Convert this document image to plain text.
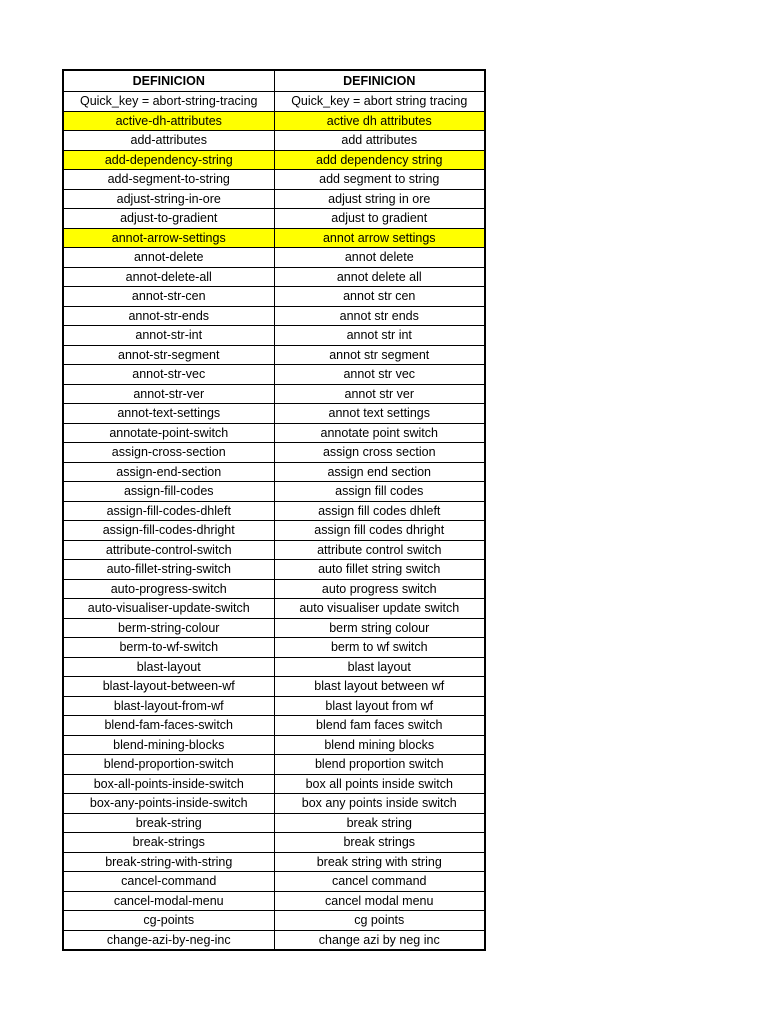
DEFINICION	DEFINICION
Quick_key = abort-string-tracing	Quick_key = abort string tracing
active-dh-attributes	active dh attributes
add-attributes	add attributes
add-dependency-string	add dependency string
add-segment-to-string	add segment to string
adjust-string-in-ore	adjust string in ore
adjust-to-gradient	adjust to gradient
annot-arrow-settings	annot arrow settings
annot-delete	annot delete
annot-delete-all	annot delete all
annot-str-cen	annot str cen
annot-str-ends	annot str ends
annot-str-int	annot str int
annot-str-segment	annot str segment
annot-str-vec	annot str vec
annot-str-ver	annot str ver
annot-text-settings	annot text settings
annotate-point-switch	annotate point switch
assign-cross-section	assign cross section
assign-end-section	assign end section
assign-fill-codes	assign fill codes
assign-fill-codes-dhleft	assign fill codes dhleft
assign-fill-codes-dhright	assign fill codes dhright
attribute-control-switch	attribute control switch
auto-fillet-string-switch	auto fillet string switch
auto-progress-switch	auto progress switch
auto-visualiser-update-switch	auto visualiser update switch
berm-string-colour	berm string colour
berm-to-wf-switch	berm to wf switch
blast-layout	blast layout
blast-layout-between-wf	blast layout between wf
blast-layout-from-wf	blast layout from wf
blend-fam-faces-switch	blend fam faces switch
blend-mining-blocks	blend mining blocks
blend-proportion-switch	blend proportion switch
box-all-points-inside-switch	box all points inside switch
box-any-points-inside-switch	box any points inside switch
break-string	break string
break-strings	break strings
break-string-with-string	break string with string
cancel-command	cancel command
cancel-modal-menu	cancel modal menu
cg-points	cg points
change-azi-by-neg-inc	change azi by neg inc
